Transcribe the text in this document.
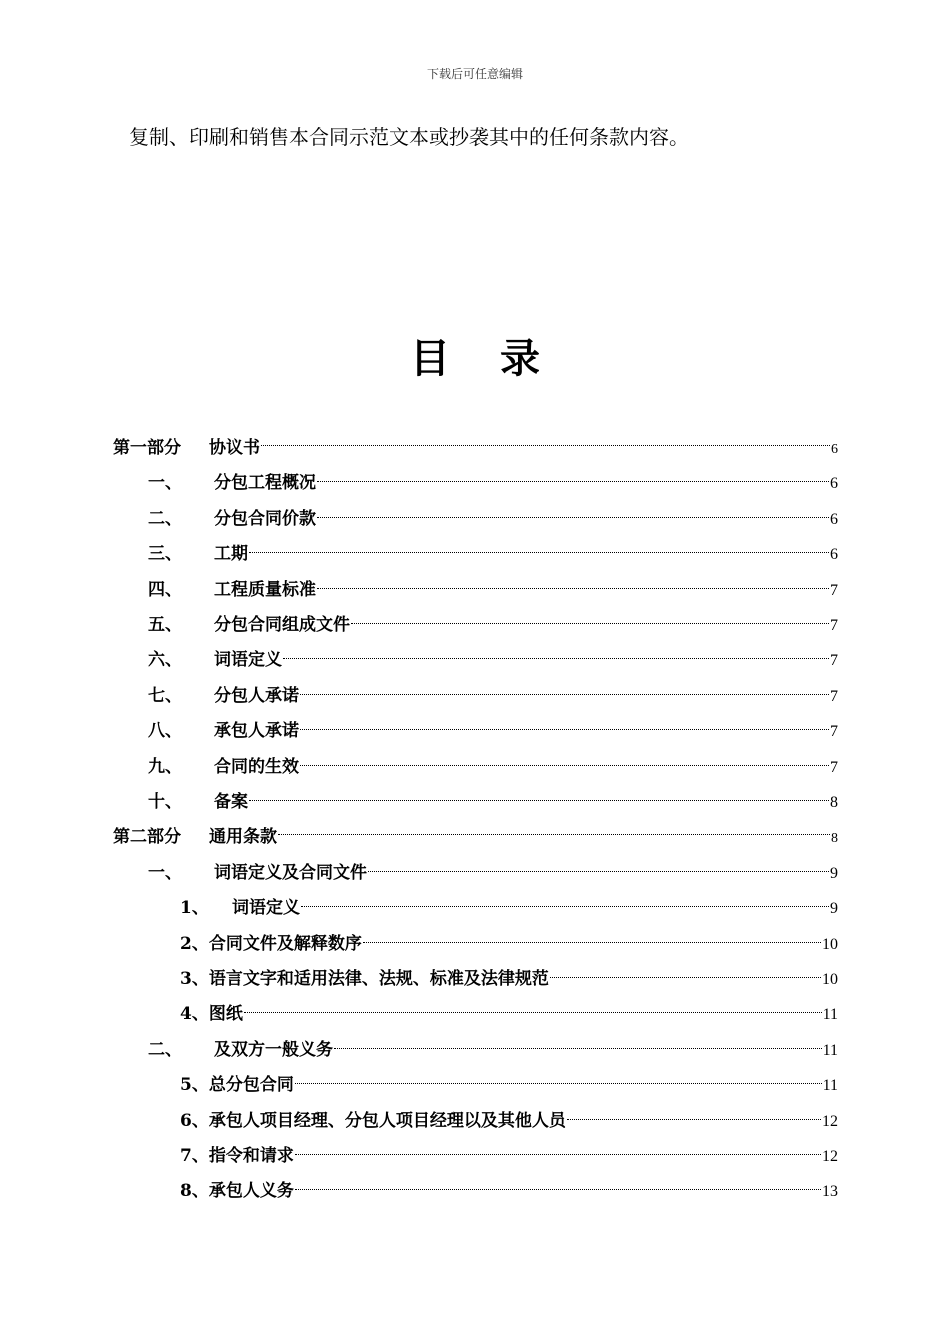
下载后可任意编辑
复制、印刷和销售本合同示范文本或抄袭其中的任何条款内容。
目 录
第一部分	协议书	6
一、	分包工程概况	6
二、	分包合同价款	6
三、	工期	6
四、	工程质量标准	7
五、	分包合同组成文件	7
六、	词语定义	7
七、	分包人承诺	7
八、	承包人承诺	7
九、	合同的生效	7
十、	备案	8
第二部分	通用条款	8
一、	词语定义及合同文件	9
1、	词语定义	9
2、合同文件及解释数序	10
3、语言文字和适用法律、法规、标准及法律规范	10
4、图纸	11
二、	及双方一般义务	11
5、总分包合同	11
6、承包人项目经理、分包人项目经理以及其他人员	12
7、指令和请求	12
8、承包人义务	13
